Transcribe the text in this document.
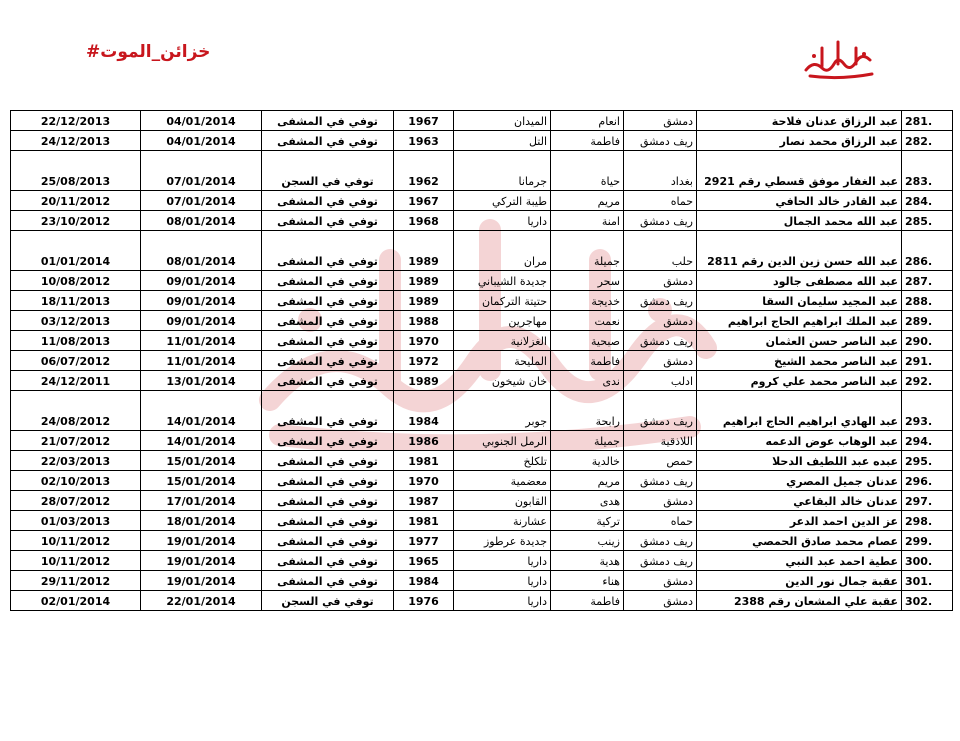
#خزائن_الموت
281.	عبد الرزاق عدنان فلاحة	دمشق	انعام	الميدان	1967	توفي في المشفى	04/01/2014	22/12/2013
282.	عبد الرزاق محمد نصار	ريف دمشق	فاطمة	التل	1963	توفي في المشفى	04/01/2014	24/12/2013
283.	عبد الغفار موفق قسطي رقم 2921	بغداد	حياة	جرمانا	1962	توفي في السجن	07/01/2014	25/08/2013
284.	عبد القادر خالد الحافي	حماه	مريم	طيبة التركي	1967	توفي في المشفى	07/01/2014	20/11/2012
285.	عبد الله محمد الجمال	ريف دمشق	امنة	داريا	1968	توفي في المشفى	08/01/2014	23/10/2012
286.	عبد الله حسن زين الدين رقم 2811	حلب	جميلة	مران	1989	توفي في المشفى	08/01/2014	01/01/2014
287.	عبد الله مصطفى جالود	دمشق	سحر	جديدة الشيباني	1989	توفي في المشفى	09/01/2014	10/08/2012
288.	عبد المجيد سليمان السقا	ريف دمشق	خديجة	حتيتة التركمان	1989	توفي في المشفى	09/01/2014	18/11/2013
289.	عبد الملك ابراهيم الحاج ابراهيم	دمشق	نعمت	مهاجرين	1988	توفي في المشفى	09/01/2014	03/12/2013
290.	عبد الناصر حسن العثمان	ريف دمشق	صبحية	الغزلانية	1970	توفي في المشفى	11/01/2014	11/08/2013
291.	عبد الناصر محمد الشيخ	دمشق	فاطمة	المليحة	1972	توفي في المشفى	11/01/2014	06/07/2012
292.	عبد الناصر محمد علي كروم	ادلب	ندى	خان شيخون	1989	توفي في المشفى	13/01/2014	24/12/2011
293.	عبد الهادي ابراهيم الحاج ابراهيم	ريف دمشق	رابحة	جوبر	1984	توفي في المشفى	14/01/2014	24/08/2012
294.	عبد الوهاب عوض الدعمه	اللاذقية	جميلة	الرمل الجنوبي	1986	توفي في المشفى	14/01/2014	21/07/2012
295.	عبده عبد اللطيف الدحلا	حمص	خالدية	تلكلخ	1981	توفي في المشفى	15/01/2014	22/03/2013
296.	عدنان جميل المصري	ريف دمشق	مريم	معضمية	1970	توفي في المشفى	15/01/2014	02/10/2013
297.	عدنان خالد البقاعي	دمشق	هدى	القابون	1987	توفي في المشفى	17/01/2014	28/07/2012
298.	عز الدين احمد الدعر	حماه	تركية	عشارنة	1981	توفي في المشفى	18/01/2014	01/03/2013
299.	عصام محمد صادق الحمصي	ريف دمشق	زينب	جديدة عرطوز	1977	توفي في المشفى	19/01/2014	10/11/2012
300.	عطية احمد عبد النبي	ريف دمشق	هدية	داريا	1965	توفي في المشفى	19/01/2014	10/11/2012
301.	عقبة جمال نور الدين	دمشق	هناء	داريا	1984	توفي في المشفى	19/01/2014	29/11/2012
302.	عقبة علي المشعان رقم 2388	دمشق	فاطمة	داريا	1976	توفي في السجن	22/01/2014	02/01/2014
